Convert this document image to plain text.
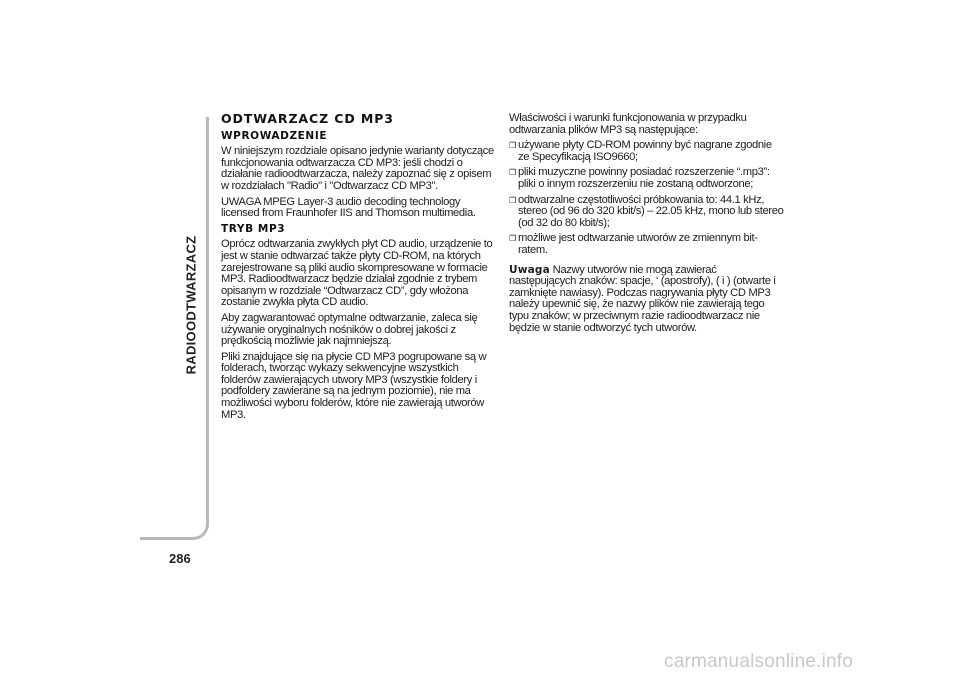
RADIOODTWARZACZ
286
ODTWARZACZ CD MP3
WPROWADZENIE

W niniejszym rozdziale opisano jedynie warianty dotyczące funkcjonowania odtwarzacza CD MP3: jeśli chodzi o działanie radioodtwarzacza, należy zapoznać się z opisem w rozdziałach "Radio" i "Odtwarzacz CD MP3".

UWAGA MPEG Layer-3 audio decoding technology licensed from Fraunhofer IIS and Thomson multimedia.

TRYB MP3

Oprócz odtwarzania zwykłych płyt CD audio, urządzenie to jest w stanie odtwarzać także płyty CD-ROM, na których zarejestrowane są pliki audio skompresowane w formacie MP3. Radioodtwarzacz będzie działał zgodnie z trybem opisanym w rozdziale “Odtwarzacz CD”, gdy włożona zostanie zwykła płyta CD audio.

Aby zagwarantować optymalne odtwarzanie, zaleca się używanie oryginalnych nośników o dobrej jakości z prędkością możliwie jak najmniejszą.

Pliki znajdujące się na płycie CD MP3 pogrupowane są w folderach, tworząc wykazy sekwencyjne wszystkich folderów zawierających utwory MP3 (wszystkie foldery i podfoldery zawierane są na jednym poziomie), nie ma możliwości wyboru folderów, które nie zawierają utworów MP3.

Właściwości i warunki funkcjonowania w przypadku odtwarzania plików MP3 są następujące:

❒ używane płyty CD-ROM powinny być nagrane zgodnie ze Specyfikacją ISO9660;
❒ pliki muzyczne powinny posiadać rozszerzenie “.mp3”: pliki o innym rozszerzeniu nie zostaną odtworzone;
❒ odtwarzalne częstotliwości próbkowania to: 44.1 kHz, stereo (od 96 do 320 kbit/s) – 22.05 kHz, mono lub stereo (od 32 do 80 kbit/s);
❒ możliwe jest odtwarzanie utworów ze zmiennym bit-ratem.

Uwaga Nazwy utworów nie mogą zawierać następujących znaków: spacje, ‘ (apostrofy), ( i ) (otwarte i zamknięte nawiasy). Podczas nagrywania płyty CD MP3 należy upewnić się, że nazwy plików nie zawierają tego typu znaków; w przeciwnym razie radioodtwarzacz nie będzie w stanie odtworzyć tych utworów.

carmanualsonline.info
